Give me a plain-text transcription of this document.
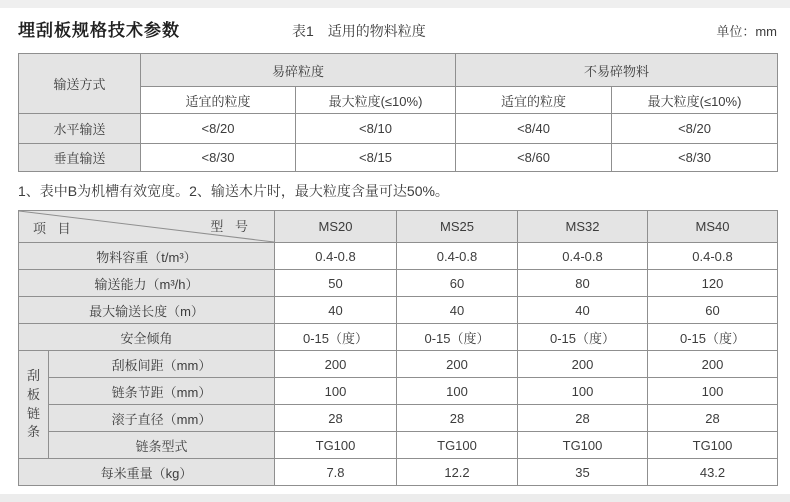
埋刮板规格技术参数	表1 适用的物料粒度	单位：mm
输送方式	易碎粒度		不易碎物料	
	适宜的粒度	最大粒度(≤10%)	适宜的粒度	最大粒度(≤10%)
水平输送	<8/20	<8/10	<8/40	<8/20
垂直输送	<8/30	<8/15	<8/60	<8/30
1、表中B为机槽有效宽度。2、输送木片时，最大粒度含量可达50%。
项 目 型 号		MS20	MS25	MS32	MS40
物料容重（t/m³）		0.4-0.8	0.4-0.8	0.4-0.8	0.4-0.8
输送能力（m³/h）		50	60	80	120
最大输送长度（m）		40	40	40	60
安全倾角		0-15（度）	0-15（度）	0-15（度）	0-15（度）
刮板链条	刮板间距（mm）	200	200	200	200
	链条节距（mm）	100	100	100	100
	滚子直径（mm）	28	28	28	28
	链条型式	TG100	TG100	TG100	TG100
每米重量（kg）		7.8	12.2	35	43.2
